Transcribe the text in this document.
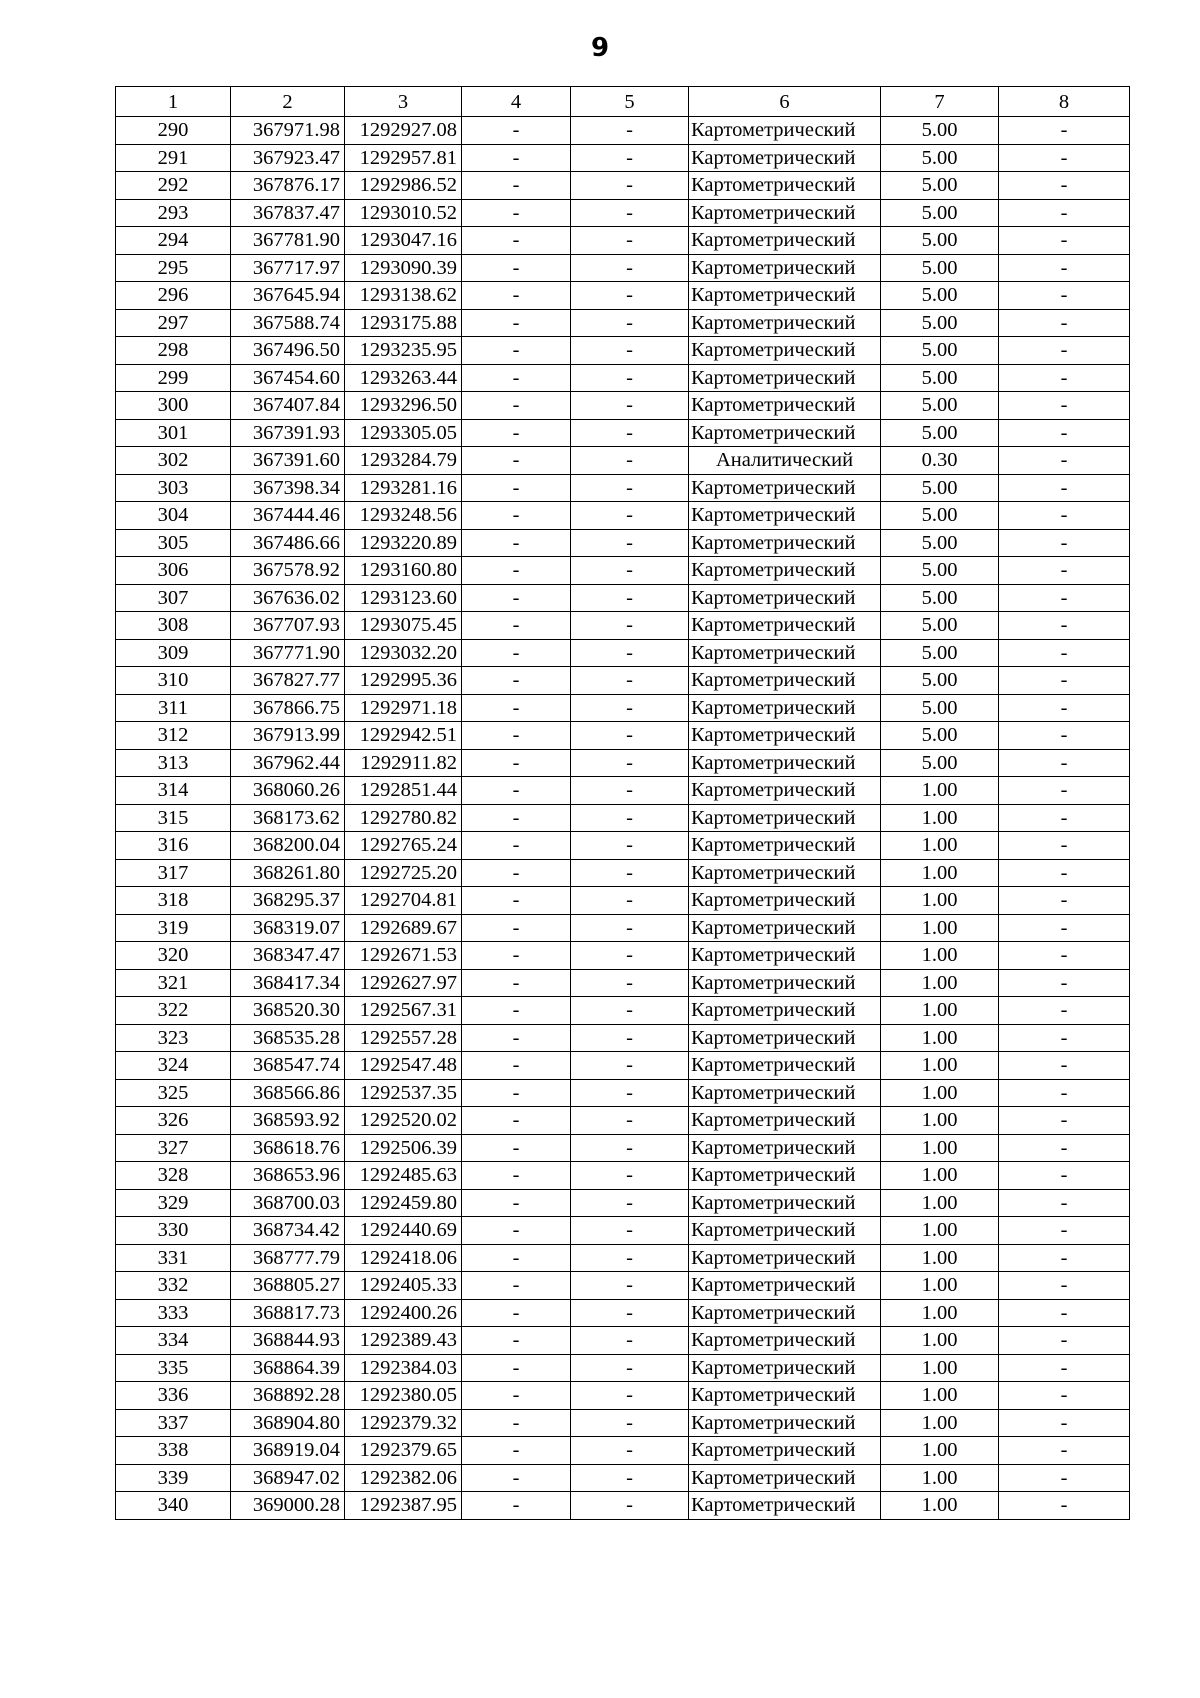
9
1	2	3	4	5	6	7	8
290	367971.98	1292927.08	-	-	Картометрический	5.00	-
291	367923.47	1292957.81	-	-	Картометрический	5.00	-
292	367876.17	1292986.52	-	-	Картометрический	5.00	-
293	367837.47	1293010.52	-	-	Картометрический	5.00	-
294	367781.90	1293047.16	-	-	Картометрический	5.00	-
295	367717.97	1293090.39	-	-	Картометрический	5.00	-
296	367645.94	1293138.62	-	-	Картометрический	5.00	-
297	367588.74	1293175.88	-	-	Картометрический	5.00	-
298	367496.50	1293235.95	-	-	Картометрический	5.00	-
299	367454.60	1293263.44	-	-	Картометрический	5.00	-
300	367407.84	1293296.50	-	-	Картометрический	5.00	-
301	367391.93	1293305.05	-	-	Картометрический	5.00	-
302	367391.60	1293284.79	-	-	Аналитический	0.30	-
303	367398.34	1293281.16	-	-	Картометрический	5.00	-
304	367444.46	1293248.56	-	-	Картометрический	5.00	-
305	367486.66	1293220.89	-	-	Картометрический	5.00	-
306	367578.92	1293160.80	-	-	Картометрический	5.00	-
307	367636.02	1293123.60	-	-	Картометрический	5.00	-
308	367707.93	1293075.45	-	-	Картометрический	5.00	-
309	367771.90	1293032.20	-	-	Картометрический	5.00	-
310	367827.77	1292995.36	-	-	Картометрический	5.00	-
311	367866.75	1292971.18	-	-	Картометрический	5.00	-
312	367913.99	1292942.51	-	-	Картометрический	5.00	-
313	367962.44	1292911.82	-	-	Картометрический	5.00	-
314	368060.26	1292851.44	-	-	Картометрический	1.00	-
315	368173.62	1292780.82	-	-	Картометрический	1.00	-
316	368200.04	1292765.24	-	-	Картометрический	1.00	-
317	368261.80	1292725.20	-	-	Картометрический	1.00	-
318	368295.37	1292704.81	-	-	Картометрический	1.00	-
319	368319.07	1292689.67	-	-	Картометрический	1.00	-
320	368347.47	1292671.53	-	-	Картометрический	1.00	-
321	368417.34	1292627.97	-	-	Картометрический	1.00	-
322	368520.30	1292567.31	-	-	Картометрический	1.00	-
323	368535.28	1292557.28	-	-	Картометрический	1.00	-
324	368547.74	1292547.48	-	-	Картометрический	1.00	-
325	368566.86	1292537.35	-	-	Картометрический	1.00	-
326	368593.92	1292520.02	-	-	Картометрический	1.00	-
327	368618.76	1292506.39	-	-	Картометрический	1.00	-
328	368653.96	1292485.63	-	-	Картометрический	1.00	-
329	368700.03	1292459.80	-	-	Картометрический	1.00	-
330	368734.42	1292440.69	-	-	Картометрический	1.00	-
331	368777.79	1292418.06	-	-	Картометрический	1.00	-
332	368805.27	1292405.33	-	-	Картометрический	1.00	-
333	368817.73	1292400.26	-	-	Картометрический	1.00	-
334	368844.93	1292389.43	-	-	Картометрический	1.00	-
335	368864.39	1292384.03	-	-	Картометрический	1.00	-
336	368892.28	1292380.05	-	-	Картометрический	1.00	-
337	368904.80	1292379.32	-	-	Картометрический	1.00	-
338	368919.04	1292379.65	-	-	Картометрический	1.00	-
339	368947.02	1292382.06	-	-	Картометрический	1.00	-
340	369000.28	1292387.95	-	-	Картометрический	1.00	-
